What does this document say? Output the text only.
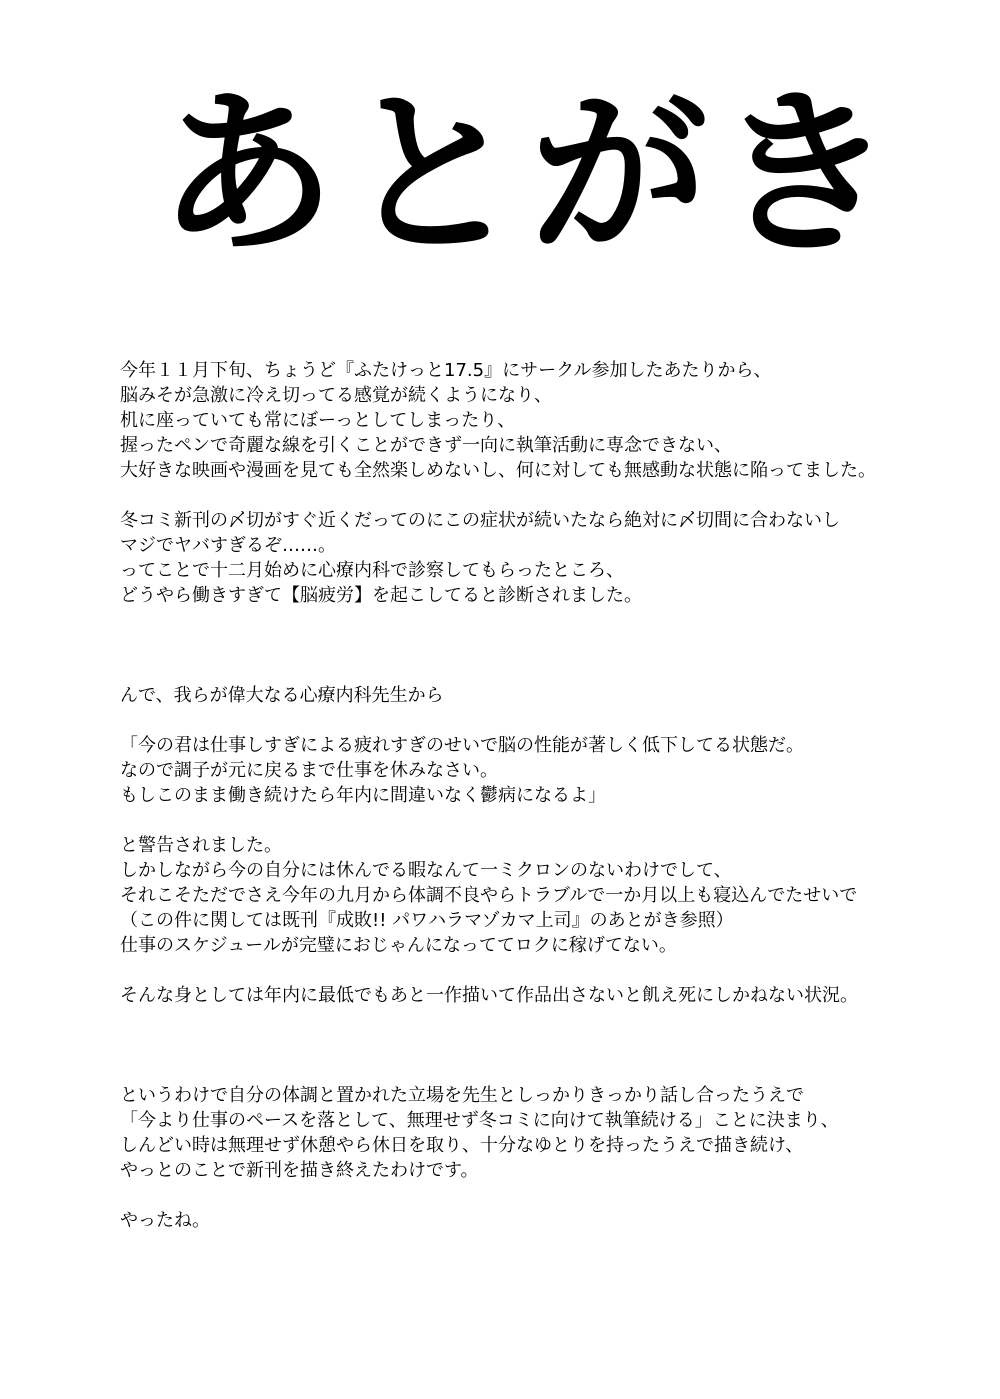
あとがき
今年１１月下旬、ちょうど『ふたけっと17.5』にサークル参加したあたりから、
脳みそが急激に冷え切ってる感覚が続くようになり、
机に座っていても常にぼーっとしてしまったり、
握ったペンで奇麗な線を引くことができず一向に執筆活動に専念できない、
大好きな映画や漫画を見ても全然楽しめないし、何に対しても無感動な状態に陥ってました。
冬コミ新刊の〆切がすぐ近くだってのにこの症状が続いたなら絶対に〆切間に合わないし
マジでヤバすぎるぞ……。
ってことで十二月始めに心療内科で診察してもらったところ、
どうやら働きすぎて【脳疲労】を起こしてると診断されました。
んで、我らが偉大なる心療内科先生から
「今の君は仕事しすぎによる疲れすぎのせいで脳の性能が著しく低下してる状態だ。
なので調子が元に戻るまで仕事を休みなさい。
もしこのまま働き続けたら年内に間違いなく鬱病になるよ」
と警告されました。
しかしながら今の自分には休んでる暇なんて一ミクロンのないわけでして、
それこそただでさえ今年の九月から体調不良やらトラブルで一か月以上も寝込んでたせいで
（この件に関しては既刊『成敗!! パワハラマゾカマ上司』のあとがき参照）
仕事のスケジュールが完璧におじゃんになっててロクに稼げてない。
そんな身としては年内に最低でもあと一作描いて作品出さないと飢え死にしかねない状況。
というわけで自分の体調と置かれた立場を先生としっかりきっかり話し合ったうえで
「今より仕事のペースを落として、無理せず冬コミに向けて執筆続ける」ことに決まり、
しんどい時は無理せず休憩やら休日を取り、十分なゆとりを持ったうえで描き続け、
やっとのことで新刊を描き終えたわけです。
やったね。
